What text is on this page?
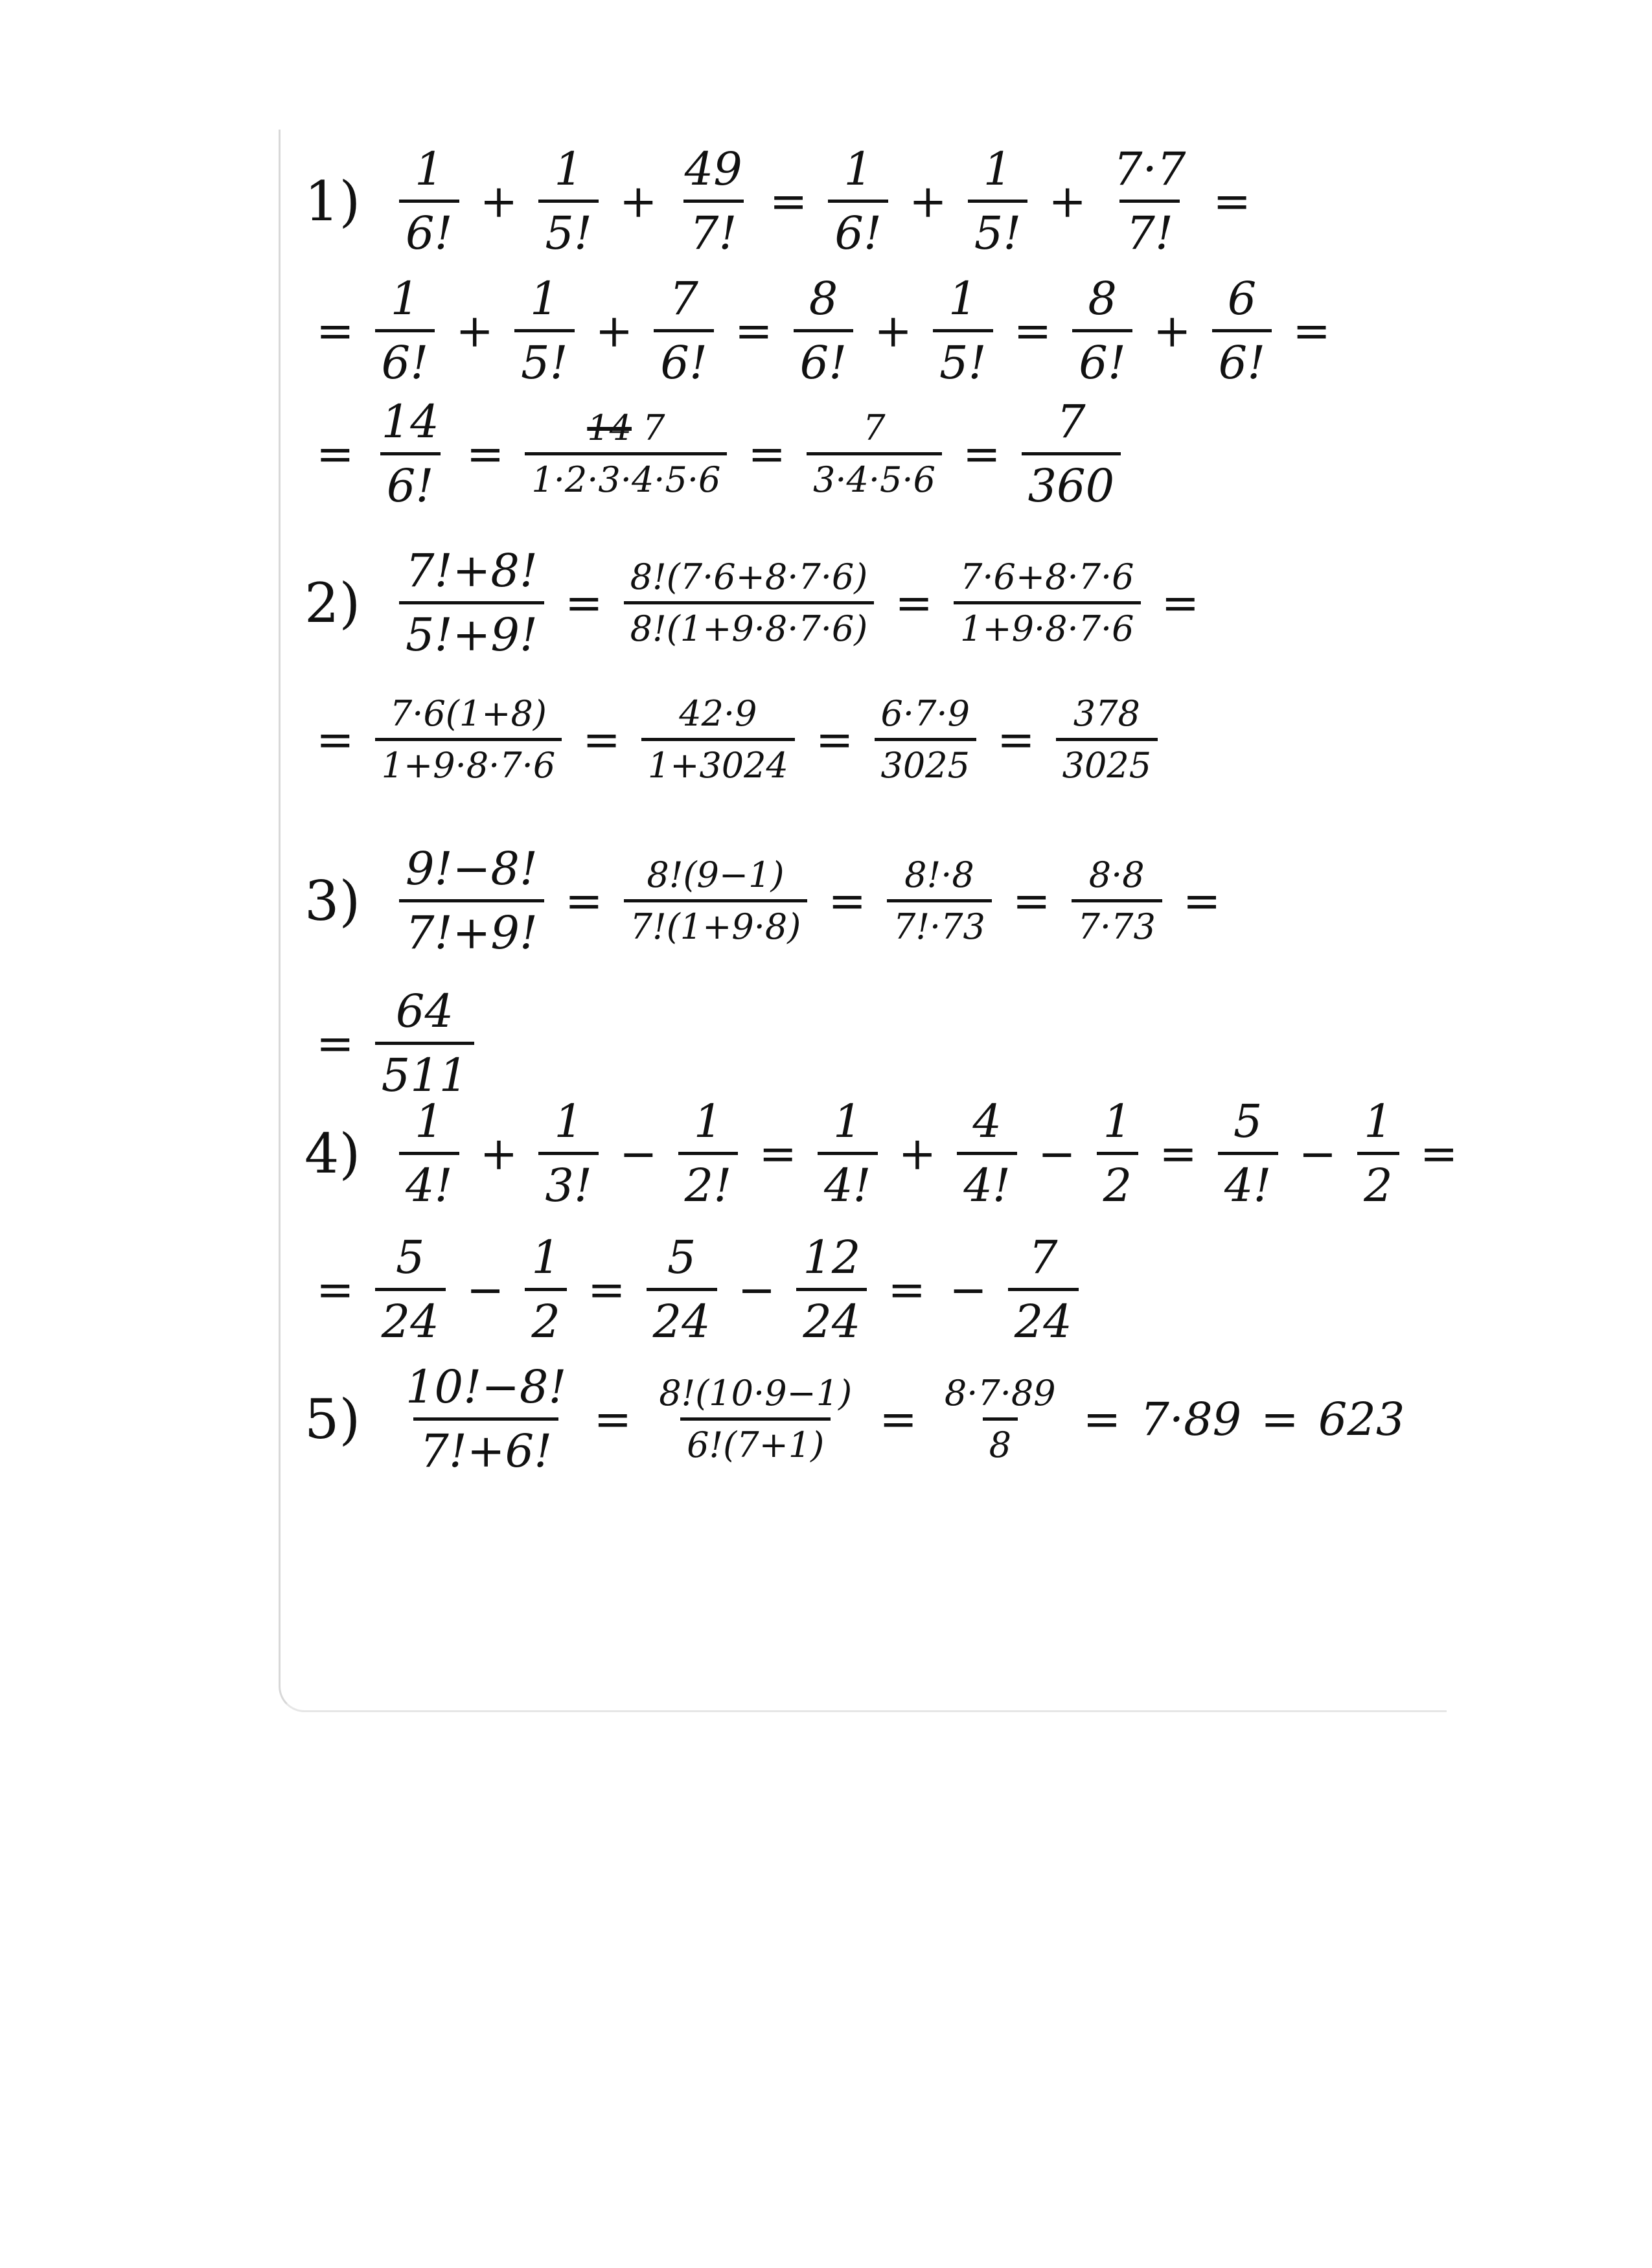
$1) \frac{1}{6!} + \frac{1}{5!} + \frac{49}{7!} = \frac{1}{6!} + \frac{1}{5!} + \frac{7\cdot 7}{7!}$ =
= $\frac{1}{6!} + \frac{1}{5!} + \frac{7}{6!} = \frac{8}{6!} + \frac{1}{5!} = \frac{8}{6!} + \frac{6}{6!}$ =
= $\frac{14}{6!} = \frac{14 7}{1\cdot 2\cdot 3\cdot 4\cdot 5\cdot 6} = \frac{7}{3\cdot 4\cdot 5\cdot 6} = \frac{7}{360}$
$2) \frac{7!+8!}{5!+9!} = \frac{8!(7\cdot 6+8\cdot 7\cdot 6)}{8!(1+9\cdot 8\cdot 7\cdot 6)} = \frac{7\cdot 6+8\cdot 7\cdot 6}{1+9\cdot 8\cdot 7\cdot 6}$ =
= $\frac{7\cdot 6(1+8)}{1+9\cdot 8\cdot 7\cdot 6} = \frac{42\cdot 9}{1+3024} = \frac{6\cdot 7\cdot 9}{3025} = \frac{378}{3025}$
$3) \frac{9!-8!}{7!+9!} = \frac{8!(9-1)}{7!(1+9\cdot 8)} = \frac{8!\cdot 8}{7!\cdot 73} = \frac{8\cdot 8}{7\cdot 73}$ =
= $\frac{64}{511}$
$4) \frac{1}{4!} + \frac{1}{3!} - \frac{1}{2!} = \frac{1}{4!} + \frac{4}{4!} - \frac{1}{2} = \frac{5}{4!} - \frac{1}{2}$ =
= $\frac{5}{24} - \frac{1}{2} = \frac{5}{24} - \frac{12}{24}$ = − $\frac{7}{24}$
$5) \frac{10!-8!}{7!+6!} = \frac{8!(10\cdot 9-1)}{6!(7+1)} = \frac{8\cdot 7\cdot 89}{8} = 7\cdot 89 = 623$
